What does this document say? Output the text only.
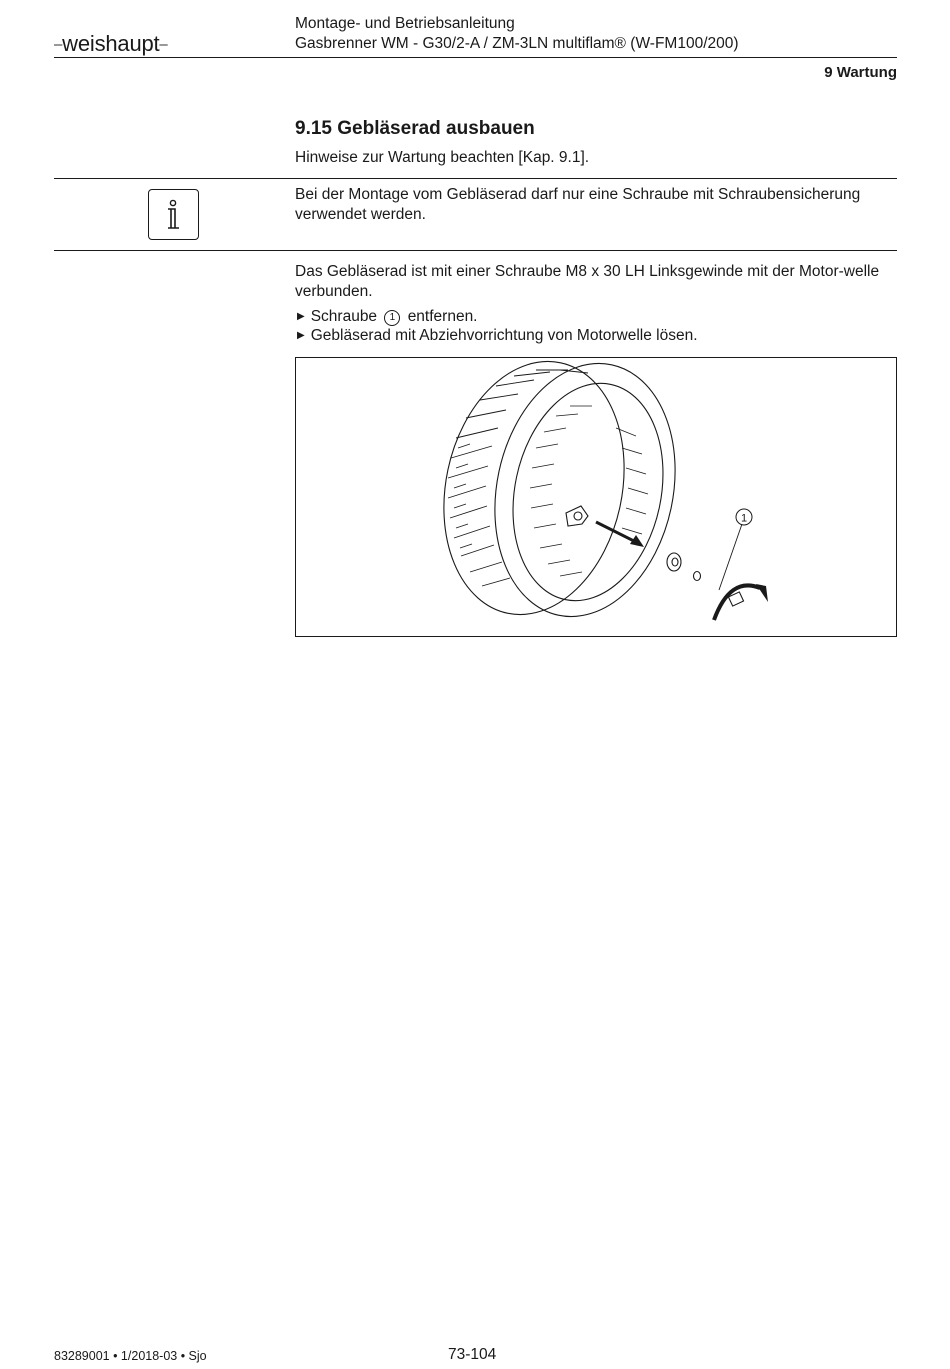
–weishaupt–
Montage- und Betriebsanleitung
Gasbrenner WM - G30/2-A / ZM-3LN multiflam® (W-FM100/200)
9 Wartung
9.15 Gebläserad ausbauen
Hinweise zur Wartung beachten [Kap. 9.1].
Bei der Montage vom Gebläserad darf nur eine Schraube mit Schraubensicherung verwendet werden.
Das Gebläserad ist mit einer Schraube M8 x 30 LH Linksgewinde mit der Motor-welle verbunden.
▶ Schraube 1 entfernen.
▶ Gebläserad mit Abziehvorrichtung von Motorwelle lösen.
1
83289001 • 1/2018-03 • Sjo	73-104
